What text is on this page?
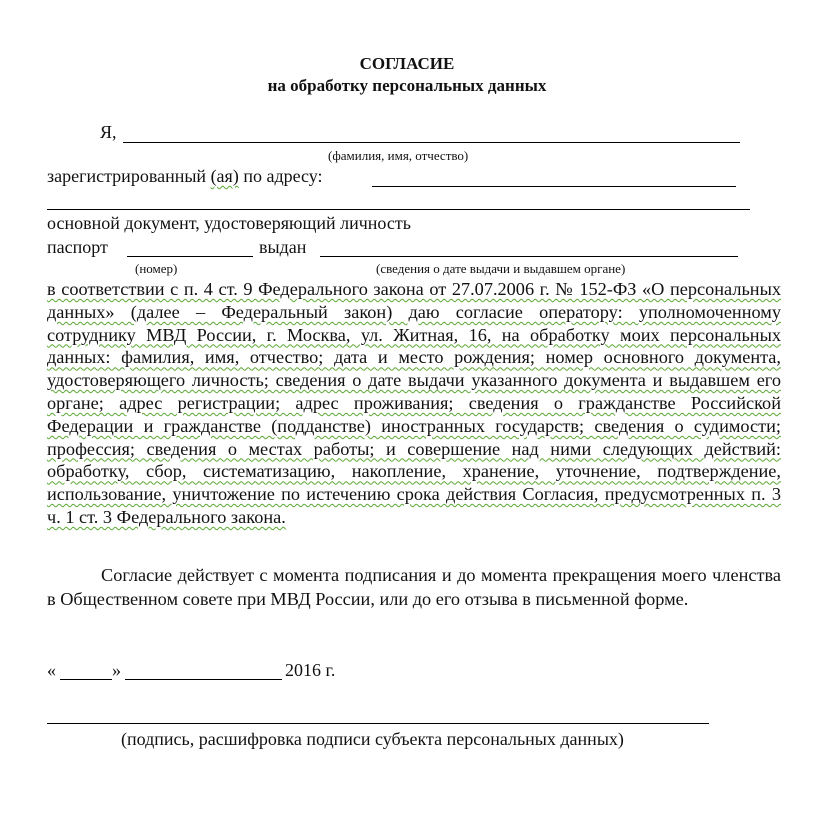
СОГЛАСИЕ
на обработку персональных данных
Я,
(фамилия, имя, отчество)
зарегистрированный (ая) по адресу:
основной документ, удостоверяющий личность
паспорт	выдан
(номер)	(сведения о дате выдачи и выдавшем органе)
в соответствии с п. 4 ст. 9 Федерального закона от 27.07.2006 г. № 152-ФЗ «О персональных данных» (далее – Федеральный закон) даю согласие оператору: уполномоченному сотруднику МВД России, г. Москва, ул. Житная, 16, на обработку моих персональных данных: фамилия, имя, отчество; дата и место рождения; номер основного документа, удостоверяющего личность; сведения о дате выдачи указанного документа и выдавшем его органе; адрес регистрации; адрес проживания; сведения о гражданстве Российской Федерации и гражданстве (подданстве) иностранных государств; сведения о судимости; профессия; сведения о местах работы; и совершение над ними следующих действий: обработку, сбор, систематизацию, накопление, хранение, уточнение, подтверждение, использование, уничтожение по истечению срока действия Согласия, предусмотренных п. 3 ч. 1 ст. 3 Федерального закона.
Согласие действует с момента подписания и до момента прекращения моего членства в Общественном совете при МВД России, или до его отзыва в письменной форме.
«	»	2016 г.
(подпись, расшифровка подписи субъекта персональных данных)
